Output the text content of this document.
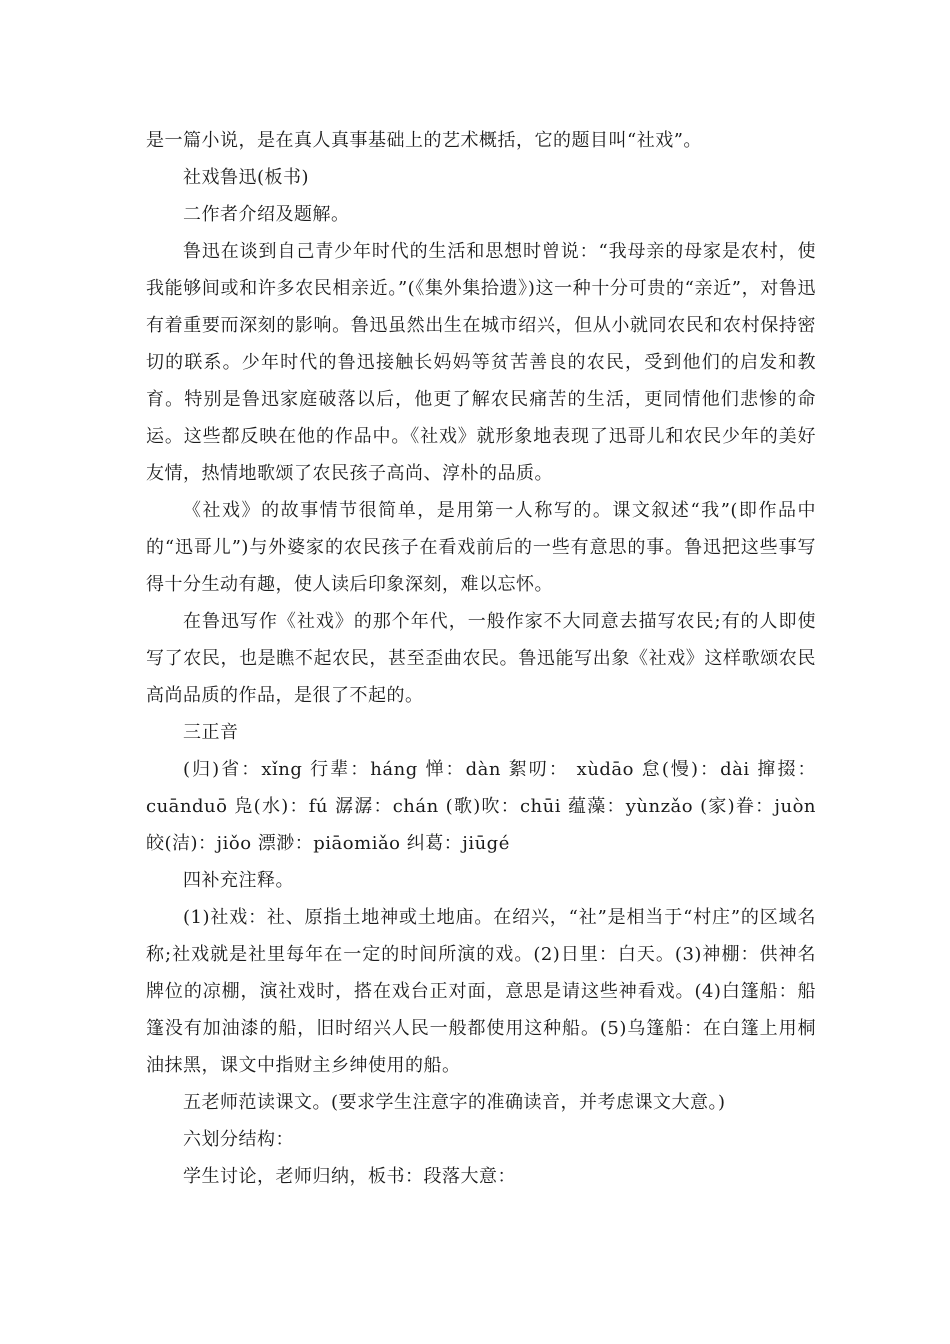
是一篇小说，是在真人真事基础上的艺术概括，它的题目叫“社戏”。

社戏鲁迅(板书)

二作者介绍及题解。

鲁迅在谈到自己青少年时代的生活和思想时曾说：“我母亲的母家是农村，使我能够间或和许多农民相亲近。”(《集外集拾遗》)这一种十分可贵的“亲近”，对鲁迅有着重要而深刻的影响。鲁迅虽然出生在城市绍兴，但从小就同农民和农村保持密切的联系。少年时代的鲁迅接触长妈妈等贫苦善良的农民，受到他们的启发和教育。特别是鲁迅家庭破落以后，他更了解农民痛苦的生活，更同情他们悲惨的命运。这些都反映在他的作品中。《社戏》就形象地表现了迅哥儿和农民少年的美好友情，热情地歌颂了农民孩子高尚、淳朴的品质。

《社戏》的故事情节很简单，是用第一人称写的。课文叙述“我”(即作品中的“迅哥儿”)与外婆家的农民孩子在看戏前后的一些有意思的事。鲁迅把这些事写得十分生动有趣，使人读后印象深刻，难以忘怀。

在鲁迅写作《社戏》的那个年代，一般作家不大同意去描写农民;有的人即使写了农民，也是瞧不起农民，甚至歪曲农民。鲁迅能写出象《社戏》这样歌颂农民高尚品质的作品，是很了不起的。

三正音

(归)省：xǐng 行辈：háng 惮：dàn 絮叨： xùdāo 怠(慢)：dài 撺掇：cuānduō 凫(水)：fú 潺潺：chán (歌)吹：chūi 蕴藻：yùnzǎo (家)眷：juòn 皎(洁)：jiǒo 漂渺：piāomiǎo 纠葛：jiūgé

四补充注释。

(1)社戏：社、原指土地神或土地庙。在绍兴，“社”是相当于“村庄”的区域名称;社戏就是社里每年在一定的时间所演的戏。(2)日里：白天。(3)神棚：供神名牌位的凉棚，演社戏时，搭在戏台正对面，意思是请这些神看戏。(4)白篷船：船篷没有加油漆的船，旧时绍兴人民一般都使用这种船。(5)乌篷船：在白篷上用桐油抹黑，课文中指财主乡绅使用的船。

五老师范读课文。(要求学生注意字的准确读音，并考虑课文大意。)

六划分结构：

学生讨论，老师归纳，板书：段落大意：
